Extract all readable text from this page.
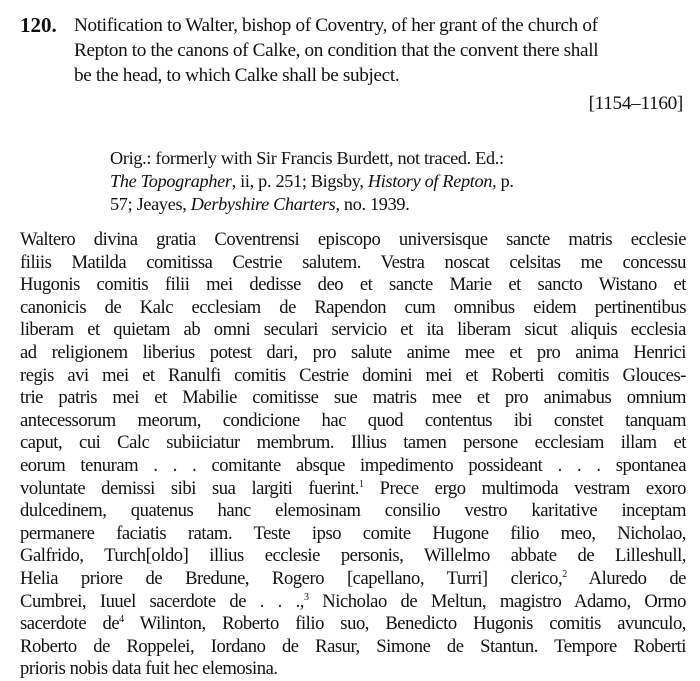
120. Notification to Walter, bishop of Coventry, of her grant of the church of
Repton to the canons of Calke, on condition that the convent there shall
be the head, to which Calke shall be subject.
[1154–1160]
Orig.: formerly with Sir Francis Burdett, not traced. Ed.:
The Topographer, ii, p. 251; Bigsby, History of Repton, p.
57; Jeayes, Derbyshire Charters, no. 1939.
Waltero divina gratia Coventrensi episcopo universisque sancte matris ecclesie
filiis Matilda comitissa Cestrie salutem. Vestra noscat celsitas me concessu
Hugonis comitis filii mei dedisse deo et sancte Marie et sancto Wistano et
canonicis de Kalc ecclesiam de Rapendon cum omnibus eidem pertinentibus
liberam et quietam ab omni seculari servicio et ita liberam sicut aliquis ecclesia
ad religionem liberius potest dari, pro salute anime mee et pro anima Henrici
regis avi mei et Ranulfi comitis Cestrie domini mei et Roberti comitis Glouces-
trie patris mei et Mabilie comitisse sue matris mee et pro animabus omnium
antecessorum meorum, condicione hac quod contentus ibi constet tanquam
caput, cui Calc subiiciatur membrum. Illius tamen persone ecclesiam illam et
eorum tenuram . . . comitante absque impedimento possideant . . . spontanea
voluntate demissi sibi sua largiti fuerint.$^1$ Prece ergo multimoda vestram exoro
dulcedinem, quatenus hanc elemosinam consilio vestro karitative inceptam
permanere faciatis ratam. Teste ipso comite Hugone filio meo, Nicholao,
Galfrido, Turch[oldo] illius ecclesie personis, Willelmo abbate de Lilleshull,
Helia priore de Bredune, Rogero [capellano, Turri] clerico,$^2$ Aluredo de
Cumbrei, Iuuel sacerdote de . . .,$^3$ Nicholao de Meltun, magistro Adamo, Ormo
sacerdote $de^4$ Wilinton, Roberto filio suo, Benedicto Hugonis comitis avunculo,
Roberto de Roppelei, Iordano de Rasur, Simone de Stantun. Tempore Roberti
prioris nobis data fuit hec elemosina.
